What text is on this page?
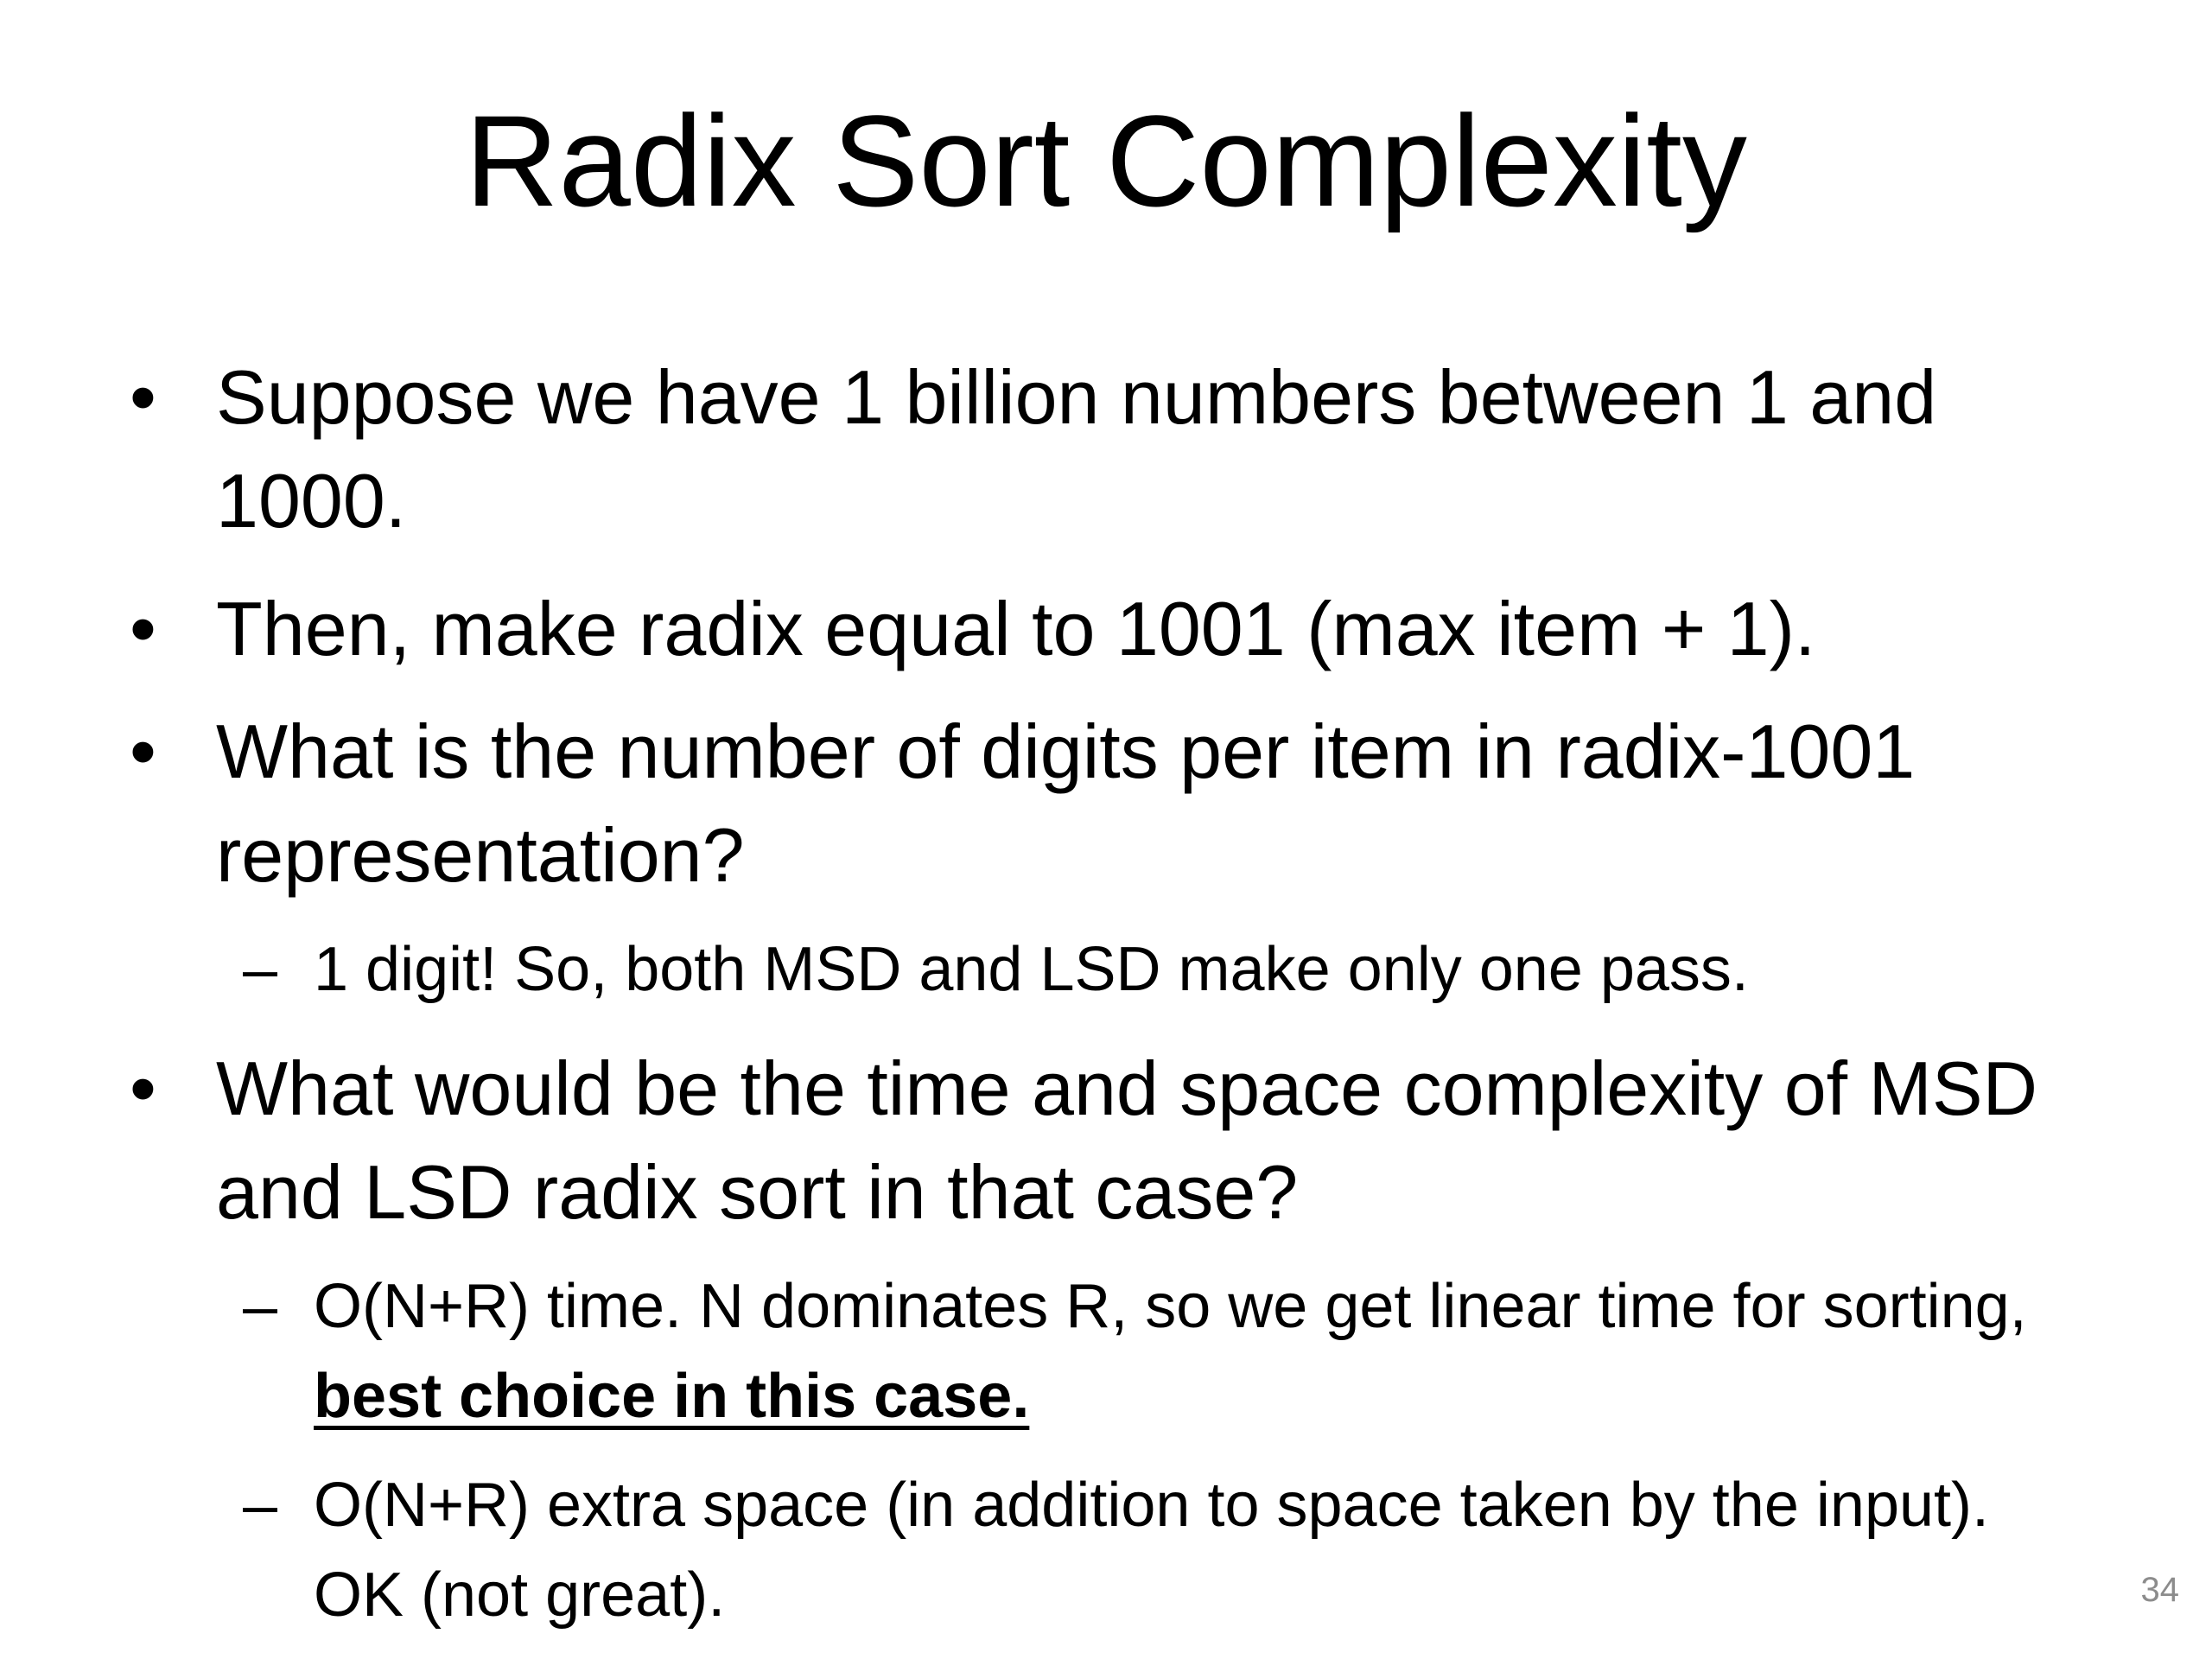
Radix Sort Complexity
• Suppose we have 1 billion numbers between 1 and 1000.
• Then, make radix equal to 1001 (max item + 1).
• What is the number of digits per item in radix-1001 representation?
– 1 digit! So, both MSD and LSD make only one pass.
• What would be the time and space complexity of MSD and LSD radix sort in that case?
– O(N+R) time. N dominates R, so we get linear time for sorting, best choice in this case.
– O(N+R) extra space (in addition to space taken by the input). OK (not great).	34
